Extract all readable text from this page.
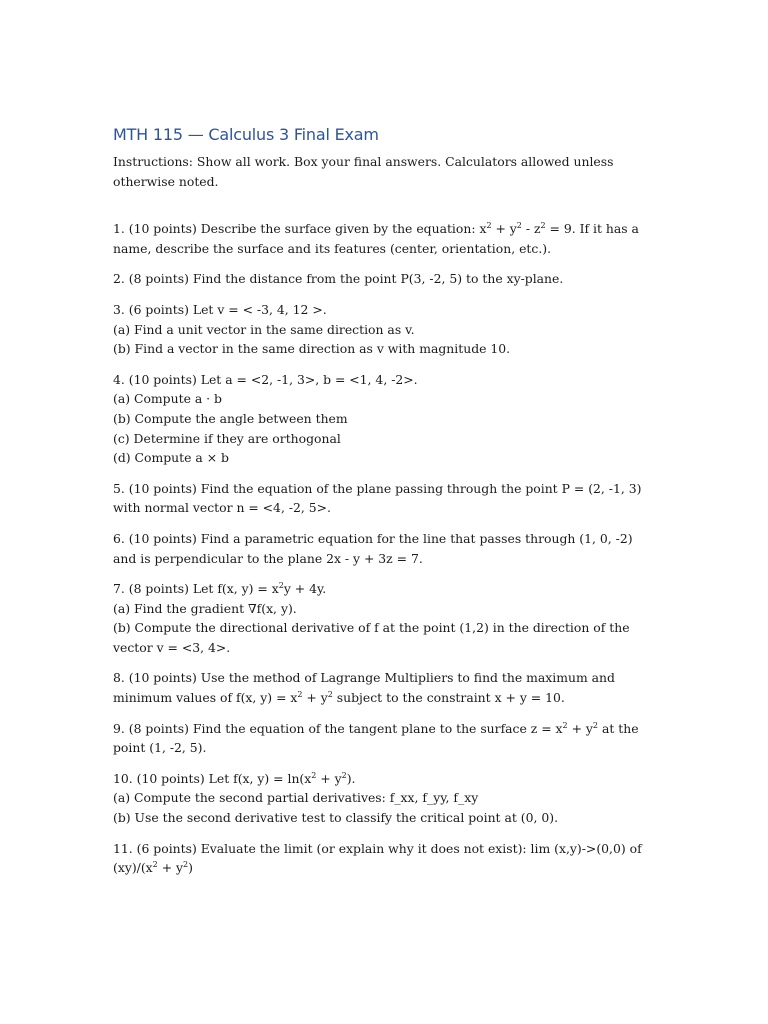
MTH 115 — Calculus 3 Final Exam
Instructions: Show all work. Box your final answers. Calculators allowed unless otherwise noted.
1. (10 points) Describe the surface given by the equation: $x^2 + y^2 - z^2 = 9$. If it has a name, describe the surface and its features (center, orientation, etc.).
2. (8 points) Find the distance from the point P(3, -2, 5) to the xy-plane.
3. (6 points) Let v = < -3, 4, 12 >.
(a) Find a unit vector in the same direction as v.
(b) Find a vector in the same direction as v with magnitude 10.
4. (10 points) Let a = <2, -1, 3>, b = <1, 4, -2>.
(a) Compute a · b
(b) Compute the angle between them
(c) Determine if they are orthogonal
(d) Compute a × b
5. (10 points) Find the equation of the plane passing through the point P = (2, -1, 3) with normal vector n = <4, -2, 5>.
6. (10 points) Find a parametric equation for the line that passes through (1, 0, -2) and is perpendicular to the plane 2x - y + 3z = 7.
7. (8 points) Let f(x, $y) = x^2y + 4y$.
(a) Find the gradient ∇f(x, y).
(b) Compute the directional derivative of f at the point (1,2) in the direction of the vector v = <3, 4>.
8. (10 points) Use the method of Lagrange Multipliers to find the maximum and minimum values of f(x, $y) = x^2 + y^2$ subject to the constraint x + y = 10.
9. (8 points) Find the equation of the tangent plane to the surface $z = x^2 + y^2$ at the point (1, -2, 5).
10. (10 points) Let f(x, $y) = \ln(x^2 + y^2)$.
(a) Compute the second partial derivatives: f_xx, f_yy, f_xy
(b) Use the second derivative test to classify the critical point at (0, 0).
11. (6 points) Evaluate the limit (or explain why it does not exist): lim (x,y)->(0,0) of $(xy)/(x^2 + y^2)$
